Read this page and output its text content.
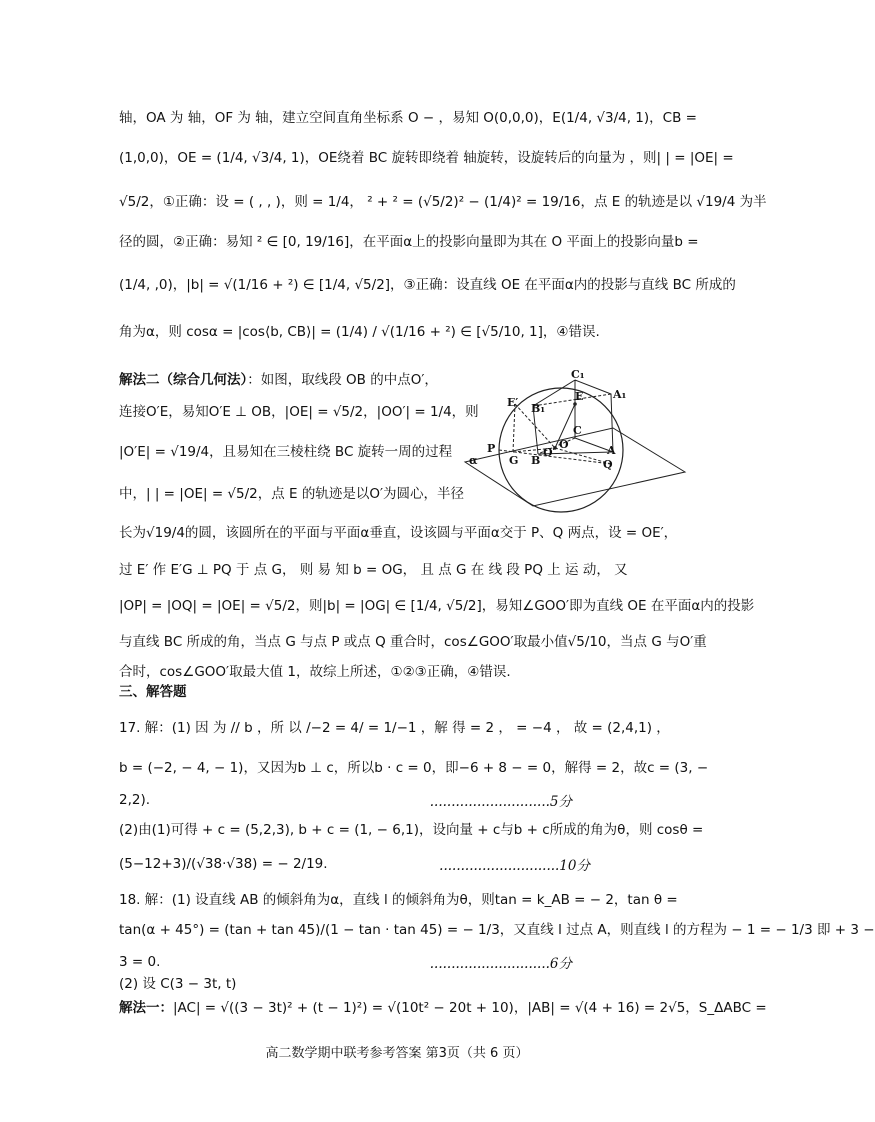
轴，OA 为 轴，OF 为 轴，建立空间直角坐标系 O − ，易知 O(0,0,0)，E(1/4, √3/4, 1)，CB =
(1,0,0)，OE = (1/4, √3/4, 1)，OE绕着 BC 旋转即绕着 轴旋转，设旋转后的向量为 ，则| | = |OE| =
√5/2，①正确：设 = ( , , )，则 = 1/4， ² + ² = (√5/2)² − (1/4)² = 19/16，点 E 的轨迹是以 √19/4 为半
径的圆，②正确：易知 ² ∈ [0, 19/16]，在平面α上的投影向量即为其在 O 平面上的投影向量b =
(1/4, ,0)，|b| = √(1/16 + ²) ∈ [1/4, √5/2]，③正确：设直线 OE 在平面α内的投影与直线 BC 所成的
角为α，则 cosα = |cos⟨b, CB⟩| = (1/4) / √(1/16 + ²) ∈ [√5/10, 1]，④错误.
解法二（综合几何法）：如图，取线段 OB 的中点O′，
连接O′E，易知O′E ⊥ OB，|OE| = √5/2，|OO′| = 1/4，则
|O′E| = √19/4，且易知在三棱柱绕 BC 旋转一周的过程
中，| | = |OE| = √5/2，点 E 的轨迹是以O′为圆心，半径
C₁
A₁
E′ B₁
E
C
P
α	G B
O
O′	A
Q
长为√19/4的圆，该圆所在的平面与平面α垂直，设该圆与平面α交于 P、Q 两点，设 = OE′，
过 E′ 作 E′G ⊥ PQ 于 点 G， 则 易 知 b = OG， 且 点 G 在 线 段 PQ 上 运 动， 又
|OP| = |OQ| = |OE| = √5/2，则|b| = |OG| ∈ [1/4, √5/2]，易知∠GOO′即为直线 OE 在平面α内的投影
与直线 BC 所成的角，当点 G 与点 P 或点 Q 重合时，cos∠GOO′取最小值√5/10，当点 G 与O′重
合时，cos∠GOO′取最大值 1，故综上所述，①②③正确，④错误.
三、解答题
17. 解：(1) 因 为 // b ，所 以 /−2 = 4/ = 1/−1 ，解 得 = 2 ， = −4 ， 故 = (2,4,1) ，
b = (−2, − 4, − 1)，又因为b ⊥ c，所以b · c = 0，即−6 + 8 − = 0，解得 = 2，故c = (3, −
2,2).	............................5分
(2)由(1)可得 + c = (5,2,3), b + c = (1, − 6,1)，设向量 + c与b + c所成的角为θ，则 cosθ =
(5−12+3)/(√38·√38) = − 2/19.	............................10分
18. 解：(1) 设直线 AB 的倾斜角为α，直线 l 的倾斜角为θ，则tan = k_AB = − 2，tan θ =
tan(α + 45°) = (tan + tan 45)/(1 − tan · tan 45) = − 1/3，又直线 l 过点 A，则直线 l 的方程为 − 1 = − 1/3 即 + 3 −
3 = 0.	............................6分
(2) 设 C(3 − 3t, t)
解法一：|AC| = √((3 − 3t)² + (t − 1)²) = √(10t² − 20t + 10)，|AB| = √(4 + 16) = 2√5，S_ΔABC =
高二数学期中联考参考答案 第3页（共 6 页）
